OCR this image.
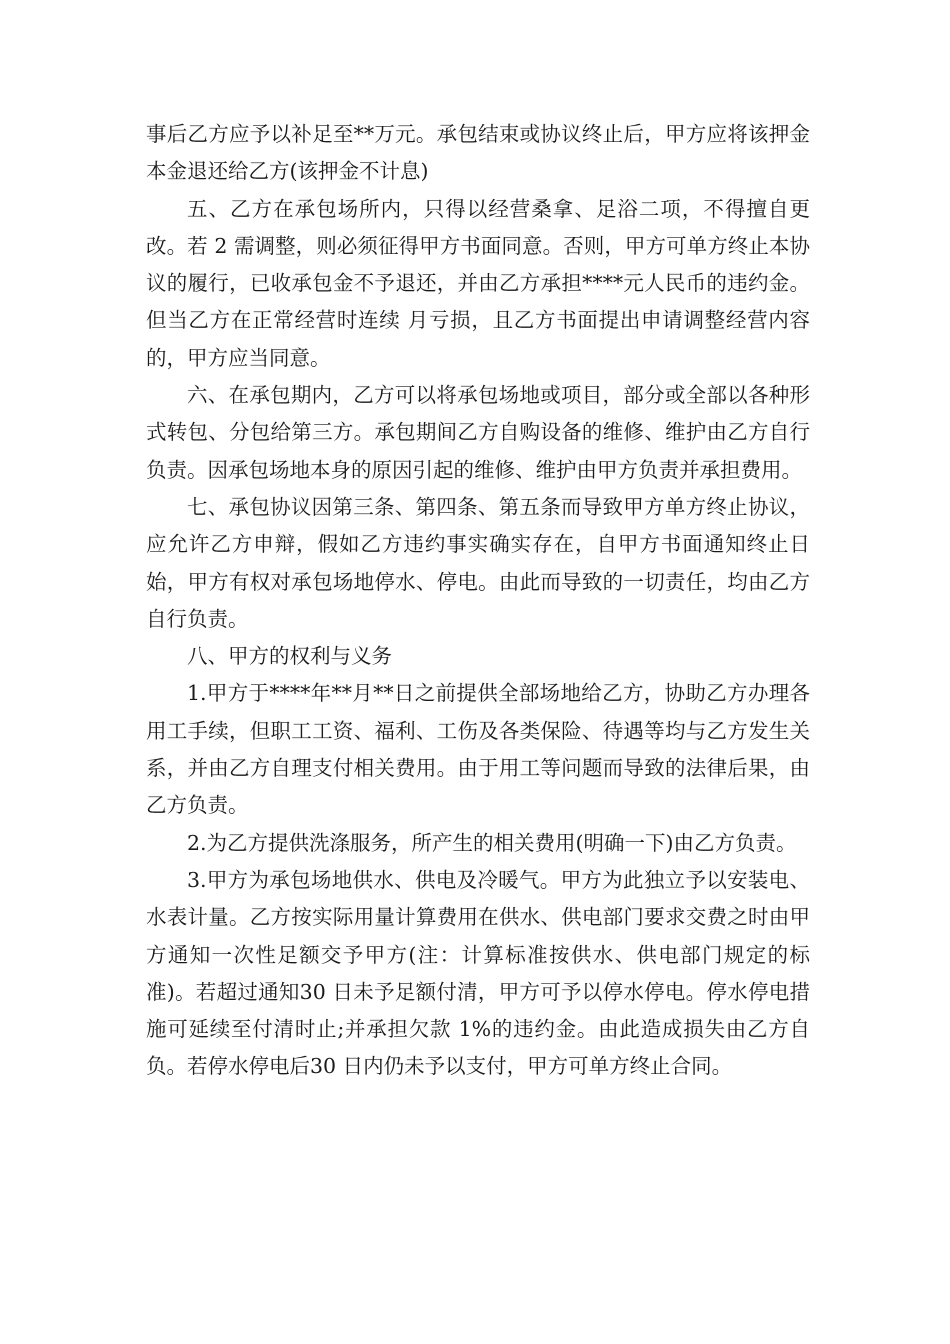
事后乙方应予以补足至**万元。承包结束或协议终止后，甲方应将该押金本金退还给乙方(该押金不计息)

五、乙方在承包场所内，只得以经营桑拿、足浴二项，不得擅自更改。若 2 需调整，则必须征得甲方书面同意。否则，甲方可单方终止本协议的履行，已收承包金不予退还，并由乙方承担****元人民币的违约金。但当乙方在正常经营时连续 月亏损，且乙方书面提出申请调整经营内容的，甲方应当同意。

六、在承包期内，乙方可以将承包场地或项目，部分或全部以各种形式转包、分包给第三方。承包期间乙方自购设备的维修、维护由乙方自行负责。因承包场地本身的原因引起的维修、维护由甲方负责并承担费用。

七、承包协议因第三条、第四条、第五条而导致甲方单方终止协议，应允许乙方申辩，假如乙方违约事实确实存在，自甲方书面通知终止日始，甲方有权对承包场地停水、停电。由此而导致的一切责任，均由乙方自行负责。

八、甲方的权利与义务

1.甲方于****年**月**日之前提供全部场地给乙方，协助乙方办理各用工手续，但职工工资、福利、工伤及各类保险、待遇等均与乙方发生关系，并由乙方自理支付相关费用。由于用工等问题而导致的法律后果，由乙方负责。

2.为乙方提供洗涤服务，所产生的相关费用(明确一下)由乙方负责。

3.甲方为承包场地供水、供电及冷暖气。甲方为此独立予以安装电、水表计量。乙方按实际用量计算费用在供水、供电部门要求交费之时由甲方通知一次性足额交予甲方(注：计算标准按供水、供电部门规定的标准)。若超过通知30 日未予足额付清，甲方可予以停水停电。停水停电措施可延续至付清时止;并承担欠款 1%的违约金。由此造成损失由乙方自负。若停水停电后30 日内仍未予以支付，甲方可单方终止合同。
